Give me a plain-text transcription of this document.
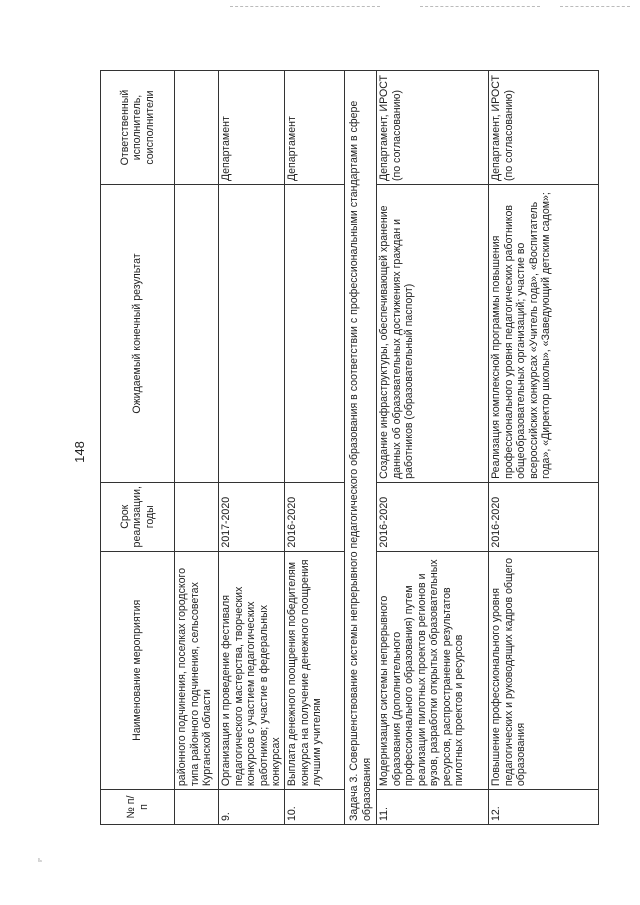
148
ٍ ٍ ٍ
№ п/п	Наименование мероприятия	Срок реализации, годы	Ожидаемый конечный результат	Ответственный исполнитель, соисполнители
	районного подчинения, поселках городского типа районного подчинения, сельсоветах Курганской области			
9.	Организация и проведение фестиваля педагогического мастерства, творческих конкурсов с участием педагогических работников; участие в федеральных конкурсах	2017-2020		Департамент
10.	Выплата денежного поощрения победителям конкурса на получение денежного поощрения лучшим учителям	2016-2020		Департамент
Задача 3. Совершенствование системы непрерывного педагогического образования в соответствии с профессиональными стандартами в сфере образования				
11.	Модернизация системы непрерывного образования (дополнительного профессионального образования) путем реализации пилотных проектов регионов и вузов, разработки открытых образовательных ресурсов, распространение результатов пилотных проектов и ресурсов	2016-2020	Создание инфраструктуры, обеспечивающей хранение данных об образовательных достижениях граждан и работников (образовательный паспорт)	Департамент, ИРОСТ (по согласованию)
12.	Повышение профессионального уровня педагогических и руководящих кадров общего образования	2016-2020	Реализация комплексной программы повышения профессионального уровня педагогических работников общеобразовательных организаций; участие во всероссийских конкурсах «Учитель года», «Воспитатель года», «Директор школы», «Заведующий детским садом»;	Департамент, ИРОСТ (по согласованию)
